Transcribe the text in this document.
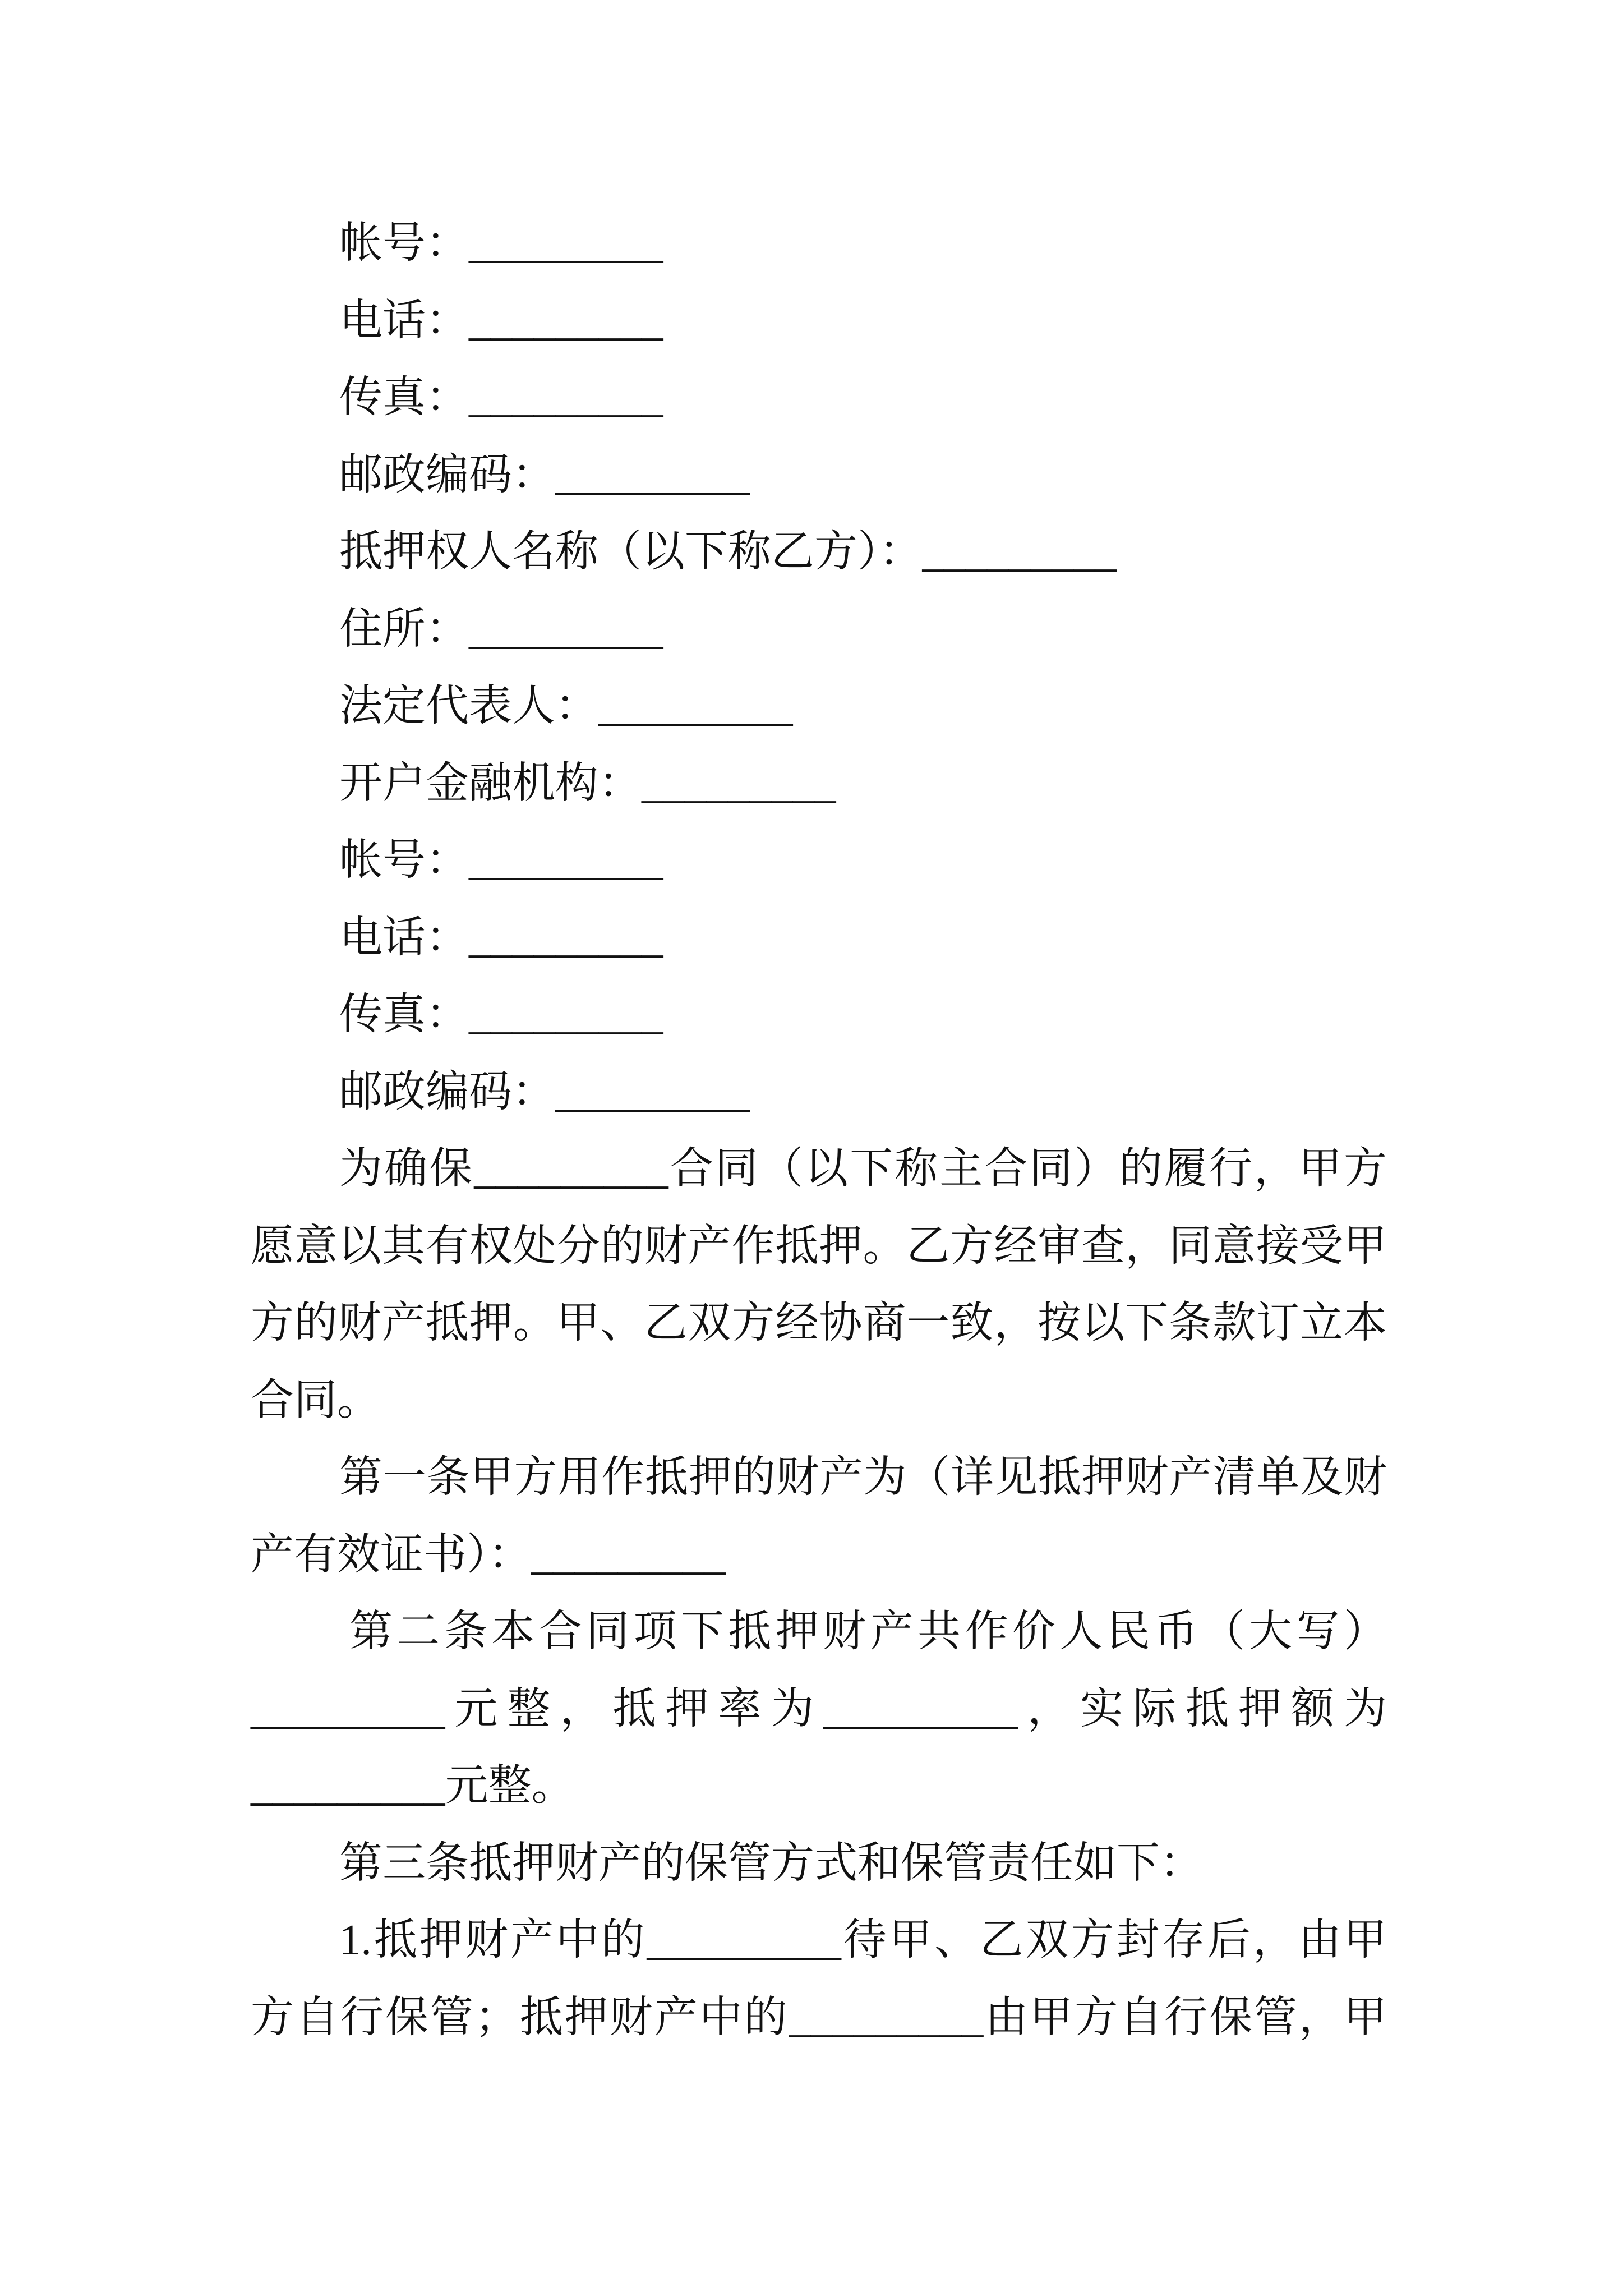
帐号：_________
电话：_________
传真：_________
邮政编码：_________
抵押权人名称（以下称乙方）：_________
住所：_________
法定代表人：_________
开户金融机构：_________
帐号：_________
电话：_________
传真：_________
邮政编码：_________
为确保_________合同（以下称主合同）的履行，甲方
愿意以其有权处分的财产作抵押。乙方经审查，同意接受甲
方的财产抵押。甲、乙双方经协商一致，按以下条款订立本
合同。
第一条甲方用作抵押的财产为（详见抵押财产清单及财
产有效证书）：_________
第二条本合同项下抵押财产共作价人民币（大写）
_________元整，抵押率为_________，实际抵押额为
_________元整。
第三条抵押财产的保管方式和保管责任如下：
1.抵押财产中的_________待甲、乙双方封存后，由甲
方自行保管；抵押财产中的_________由甲方自行保管，甲
